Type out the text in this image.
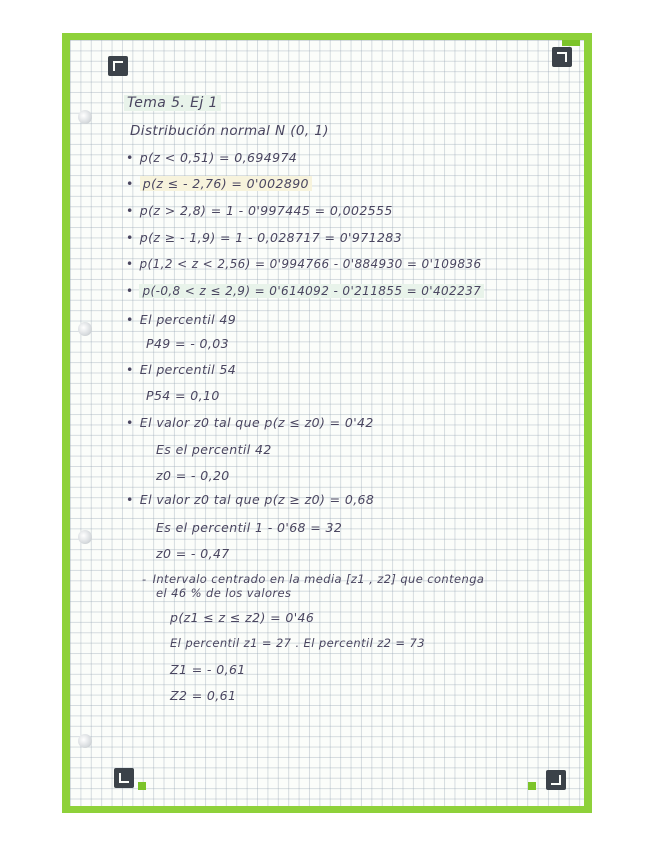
Tema 5. Ej 1
Distribución normal N (0, 1)
• p(z < 0,51) = 0,694974
• p(z ≤ - 2,76) = 0'002890
• p(z > 2,8) = 1 - 0'997445 = 0,002555
• p(z ≥ - 1,9) = 1 - 0,028717 = 0'971283
• p(1,2 < z < 2,56) = 0'994766 - 0'884930 = 0'109836
• p(-0,8 < z ≤ 2,9) = 0'614092 - 0'211855 = 0'402237
• El percentil 49
P49 = - 0,03
• El percentil 54
P54 = 0,10
• El valor z0 tal que p(z ≤ z0) = 0'42
Es el percentil 42
z0 = - 0,20
• El valor z0 tal que p(z ≥ z0) = 0,68
Es el percentil 1 - 0'68 = 32
z0 = - 0,47
- Intervalo centrado en la media [z1 , z2] que contenga
el 46 % de los valores
p(z1 ≤ z ≤ z2) = 0'46
El percentil z1 = 27 . El percentil z2 = 73
Z1 = - 0,61
Z2 = 0,61
